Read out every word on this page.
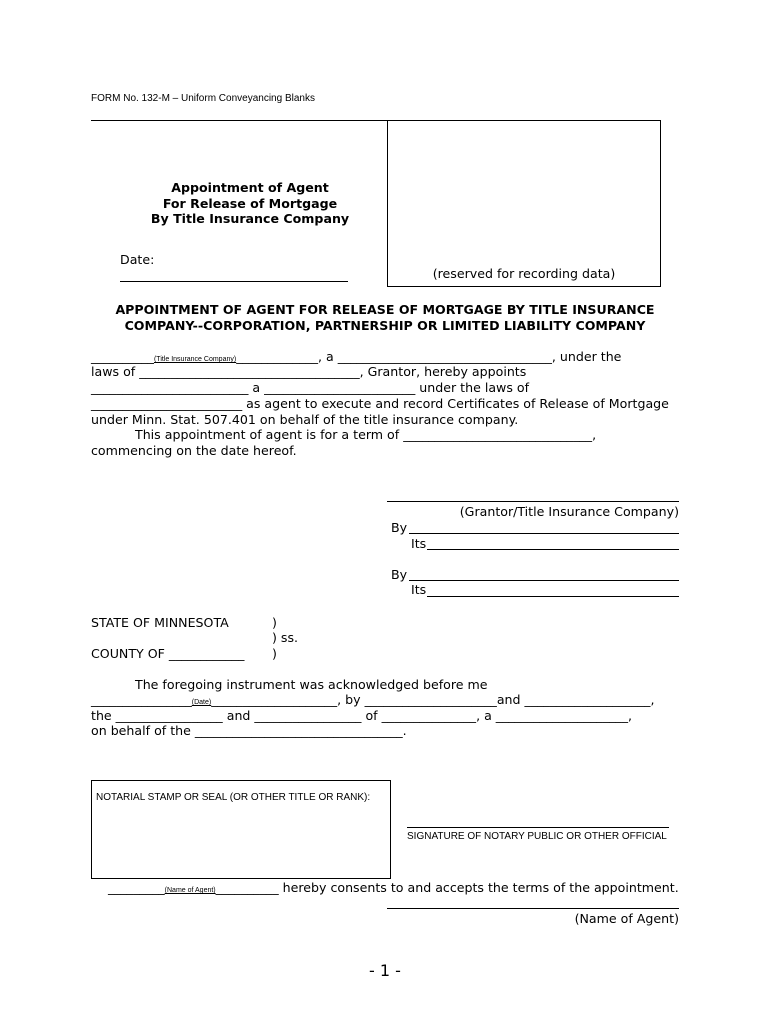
FORM No. 132-M – Uniform Conveyancing Blanks
Appointment of Agent
For Release of Mortgage
By Title Insurance Company
Date:
(reserved for recording data)
APPOINTMENT OF AGENT FOR RELEASE OF MORTGAGE BY TITLE INSURANCE
COMPANY--CORPORATION, PARTNERSHIP OR LIMITED LIABILITY COMPANY
__________(Title Insurance Company)_____________, a __________________________________, under the
laws of ___________________________________, Grantor, hereby appoints
_________________________ a ________________________ under the laws of
________________________ as agent to execute and record Certificates of Release of Mortgage
under Minn. Stat. 507.401 on behalf of the title insurance company.
This appointment of agent is for a term of ______________________________,
commencing on the date hereof.
(Grantor/Title Insurance Company)
By
Its
By
Its
STATE OF MINNESOTA	)
) ss.
COUNTY OF ____________ )
The foregoing instrument was acknowledged before me
________________(Date)____________________, by _____________________and ____________________,
the _________________ and _________________ of _______________, a _____________________,
on behalf of the _________________________________.
NOTARIAL STAMP OR SEAL (OR OTHER TITLE OR RANK):
SIGNATURE OF NOTARY PUBLIC OR OTHER OFFICIAL
_________(Name of Agent)__________ hereby consents to and accepts the terms of the appointment.
(Name of Agent)
- 1 -
